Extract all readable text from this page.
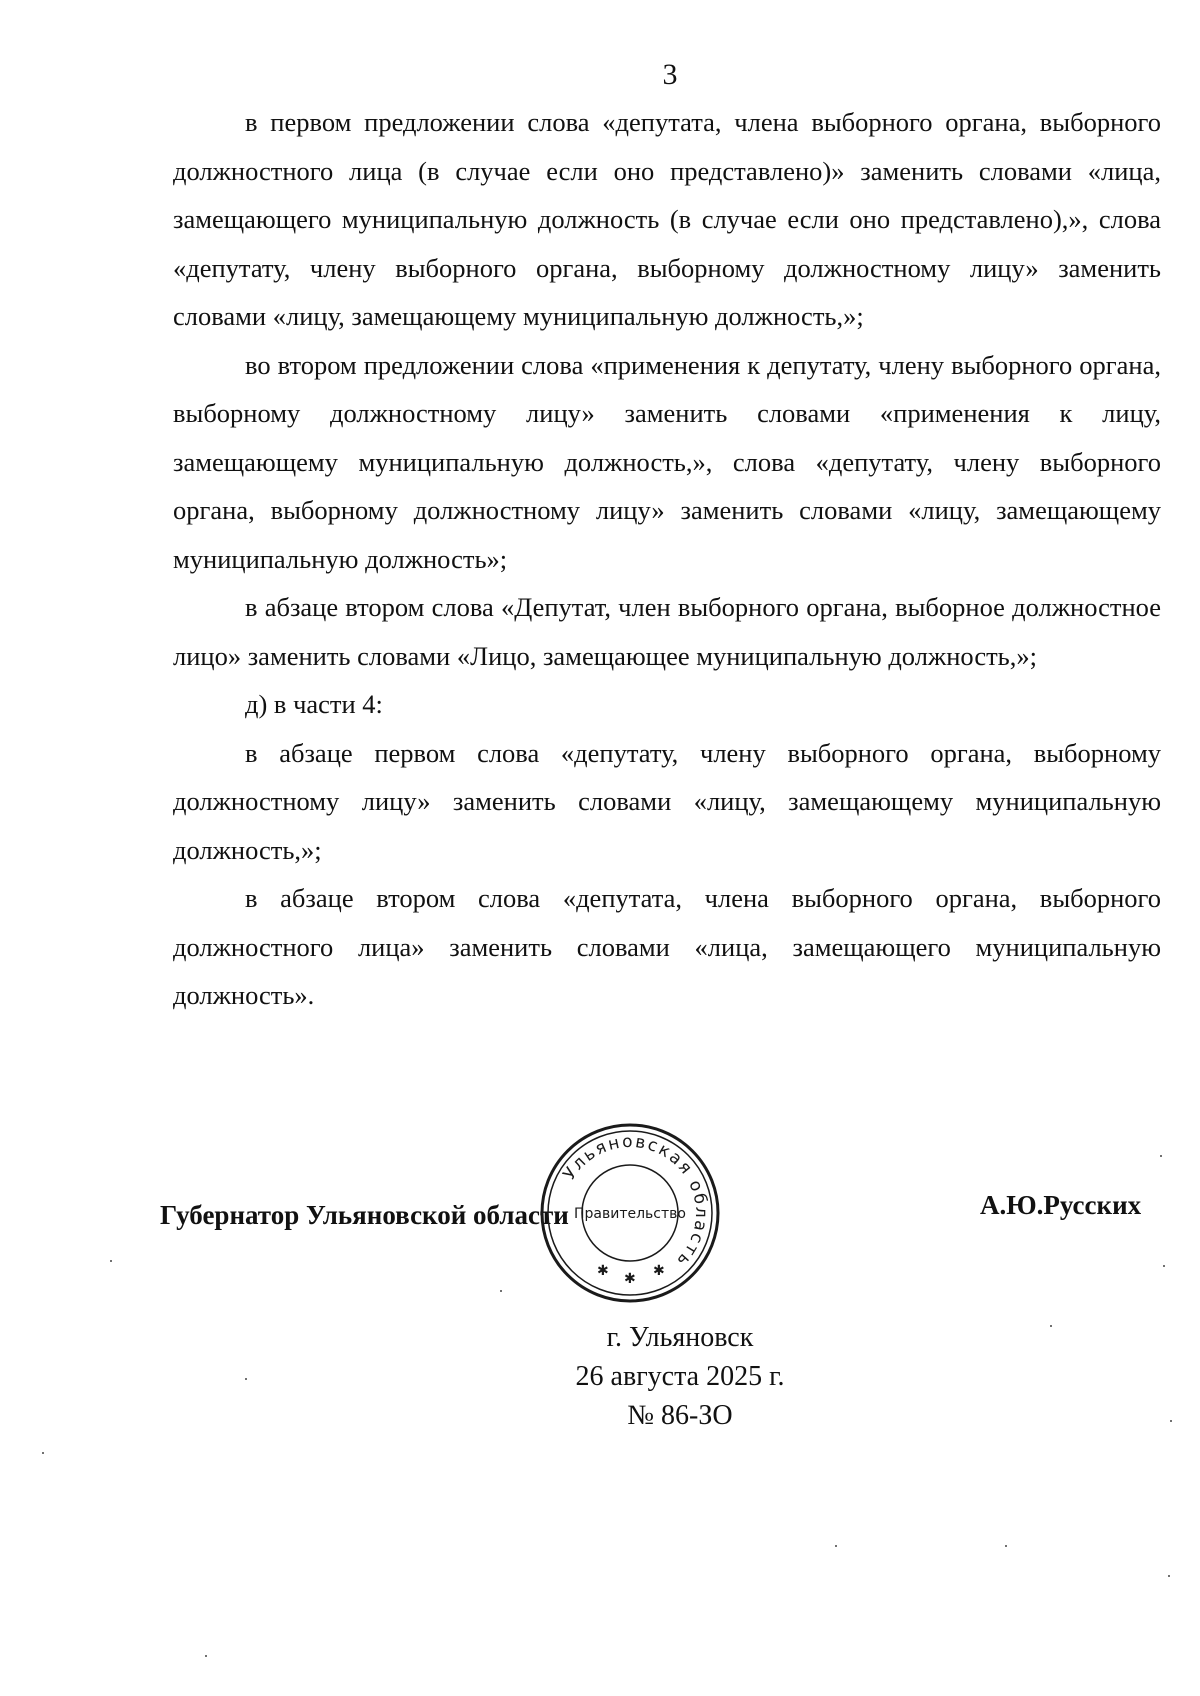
3

в первом предложении слова «депутата, члена выборного органа, выборного должностного лица (в случае если оно представлено)» заменить словами «лица, замещающего муниципальную должность (в случае если оно представлено),», слова «депутату, члену выборного органа, выборному должностному лицу» заменить словами «лицу, замещающему муниципальную должность,»;

во втором предложении слова «применения к депутату, члену выборного органа, выборному должностному лицу» заменить словами «применения к лицу, замещающему муниципальную должность,», слова «депутату, члену выборного органа, выборному должностному лицу» заменить словами «лицу, замещающему муниципальную должность»;

в абзаце втором слова «Депутат, член выборного органа, выборное должностное лицо» заменить словами «Лицо, замещающее муниципальную должность,»;

д) в части 4:

в абзаце первом слова «депутату, члену выборного органа, выборному должностному лицу» заменить словами «лицу, замещающему муниципальную должность,»;

в абзаце втором слова «депутата, члена выборного органа, выборного должностного лица» заменить словами «лица, замещающего муниципальную должность».

Губернатор Ульяновской области	А.Ю.Русских
Ульяновская область
Правительство
✱ ✱ ✱
г. Ульяновск
26 августа 2025 г.
№ 86-ЗО
